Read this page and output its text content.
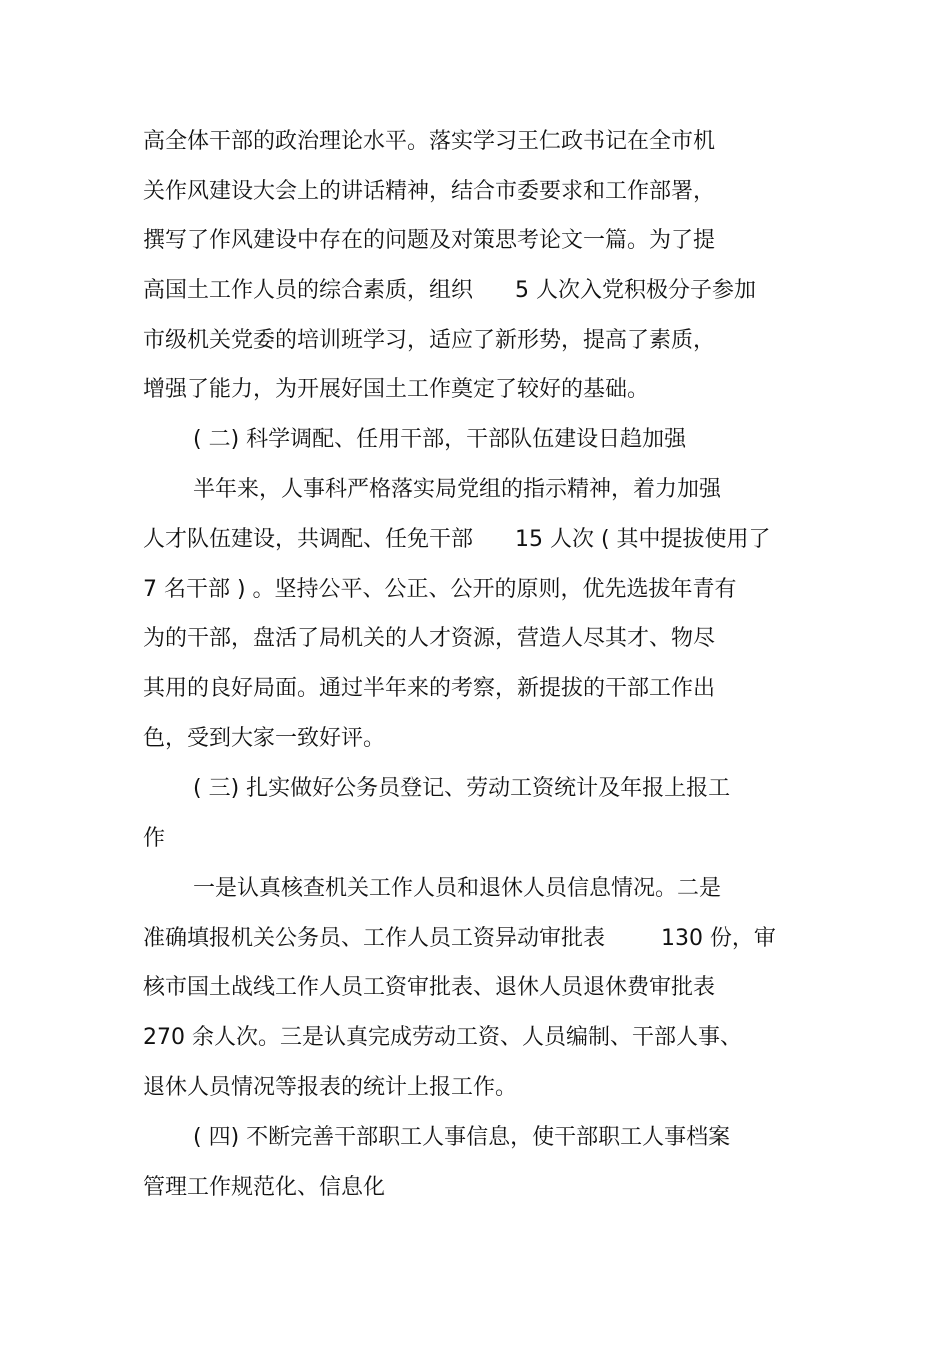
高全体干部的政治理论水平。落实学习王仁政书记在全市机
关作风建设大会上的讲话精神，结合市委要求和工作部署，
撰写了作风建设中存在的问题及对策思考论文一篇。为了提
高国土工作人员的综合素质，组织      5 人次入党积极分子参加
市级机关党委的培训班学习，适应了新形势，提高了素质，
增强了能力，为开展好国土工作奠定了较好的基础。
( 二) 科学调配、任用干部，干部队伍建设日趋加强
半年来，人事科严格落实局党组的指示精神，着力加强
人才队伍建设，共调配、任免干部      15 人次 ( 其中提拔使用了
7 名干部 ) 。坚持公平、公正、公开的原则，优先选拔年青有
为的干部，盘活了局机关的人才资源，营造人尽其才、物尽
其用的良好局面。通过半年来的考察，新提拔的干部工作出
色，受到大家一致好评。
( 三) 扎实做好公务员登记、劳动工资统计及年报上报工
作
一是认真核查机关工作人员和退休人员信息情况。二是
准确填报机关公务员、工作人员工资异动审批表        130 份，审
核市国土战线工作人员工资审批表、退休人员退休费审批表
270 余人次。三是认真完成劳动工资、人员编制、干部人事、
退休人员情况等报表的统计上报工作。
( 四) 不断完善干部职工人事信息，使干部职工人事档案
管理工作规范化、信息化
